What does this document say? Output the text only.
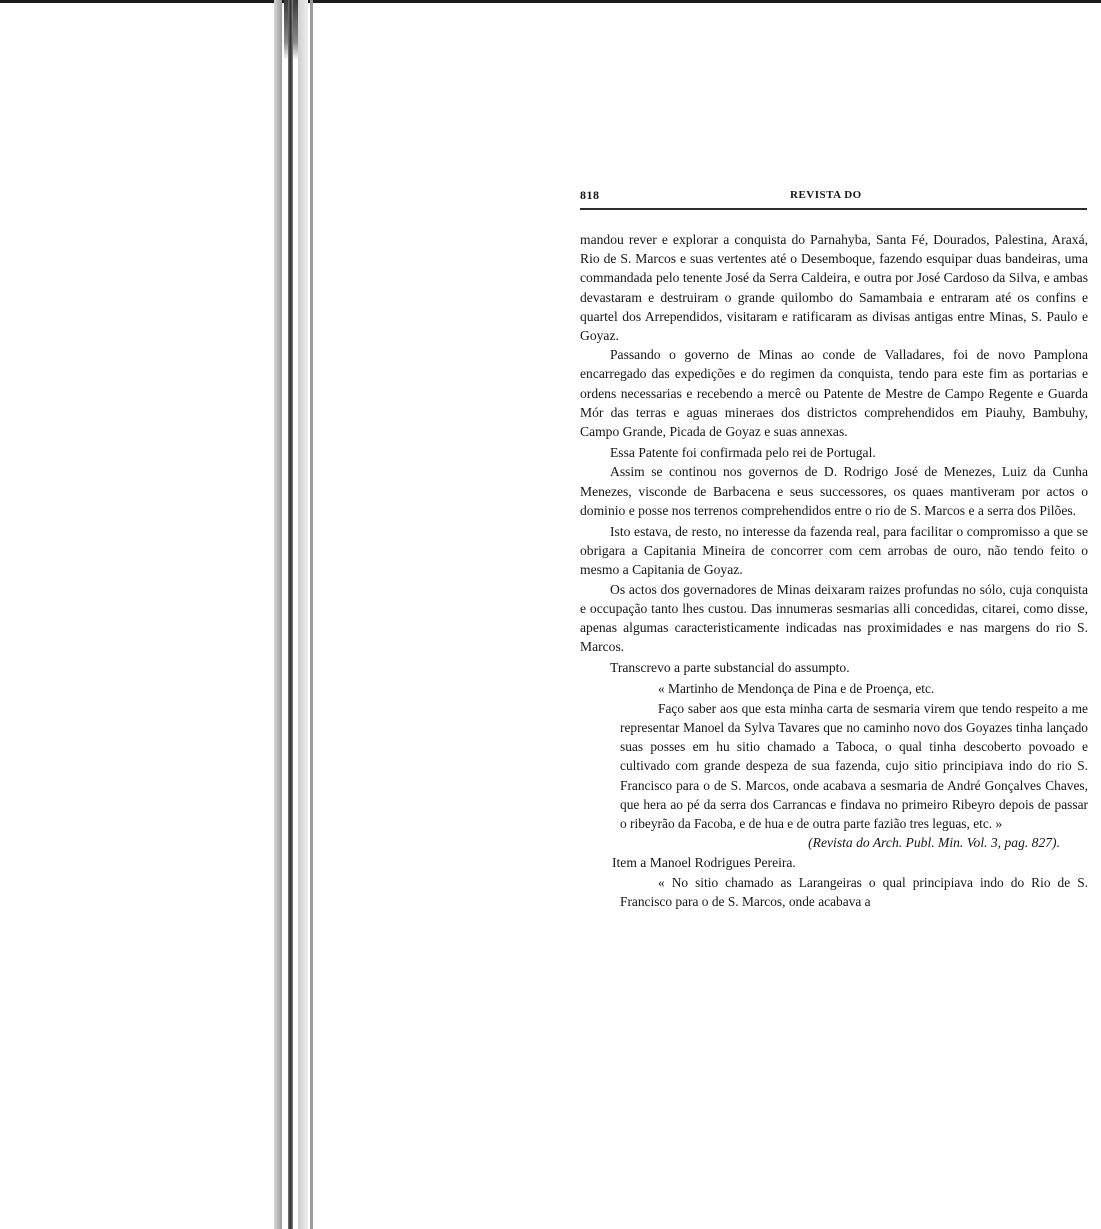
818	REVISTA DO

mandou rever e explorar a conquista do Parnahyba, Santa Fé, Dourados, Palestina, Araxá, Rio de S. Marcos e suas vertentes até o Desemboque, fazendo esquipar duas bandeiras, uma commandada pelo tenente José da Serra Caldeira, e outra por José Cardoso da Silva, e ambas devastaram e destruiram o grande quilombo do Samambaia e entraram até os confins e quartel dos Arrependidos, visitaram e ratificaram as divisas antigas entre Minas, S. Paulo e Goyaz.

Passando o governo de Minas ao conde de Valladares, foi de novo Pamplona encarregado das expedições e do regimen da conquista, tendo para este fim as portarias e ordens necessarias e recebendo a mercê ou Patente de Mestre de Campo Regente e Guarda Mór das terras e aguas mineraes dos districtos comprehendidos em Piauhy, Bambuhy, Campo Grande, Picada de Goyaz e suas annexas.

Essa Patente foi confirmada pelo rei de Portugal.

Assim se continou nos governos de D. Rodrigo José de Menezes, Luiz da Cunha Menezes, visconde de Barbacena e seus successores, os quaes mantiveram por actos o dominio e posse nos terrenos comprehendidos entre o rio de S. Marcos e a serra dos Pilões.

Isto estava, de resto, no interesse da fazenda real, para facilitar o compromisso a que se obrigara a Capitania Mineira de concorrer com cem arrobas de ouro, não tendo feito o mesmo a Capitania de Goyaz.

Os actos dos governadores de Minas deixaram raizes profundas no sólo, cuja conquista e occupação tanto lhes custou. Das innumeras sesmarias alli concedidas, citarei, como disse, apenas algumas caracteristicamente indicadas nas proximidades e nas margens do rio S. Marcos.

Transcrevo a parte substancial do assumpto.

« Martinho de Mendonça de Pina e de Proença, etc.

Faço saber aos que esta minha carta de sesmaria virem que tendo respeito a me representar Manoel da Sylva Tavares que no caminho novo dos Goyazes tinha lançado suas posses em hu sitio chamado a Taboca, o qual tinha descoberto povoado e cultivado com grande despeza de sua fazenda, cujo sitio principiava indo do rio S. Francisco para o de S. Marcos, onde acabava a sesmaria de André Gonçalves Chaves, que hera ao pé da serra dos Carrancas e findava no primeiro Ribeyro depois de passar o ribeyrão da Facoba, e de hua e de outra parte fazião tres leguas, etc. »

(Revista do Arch. Publ. Min. Vol. 3, pag. 827).

Item a Manoel Rodrigues Pereira.

« No sitio chamado as Larangeiras o qual principiava indo do Rio de S. Francisco para o de S. Marcos, onde acabava a
